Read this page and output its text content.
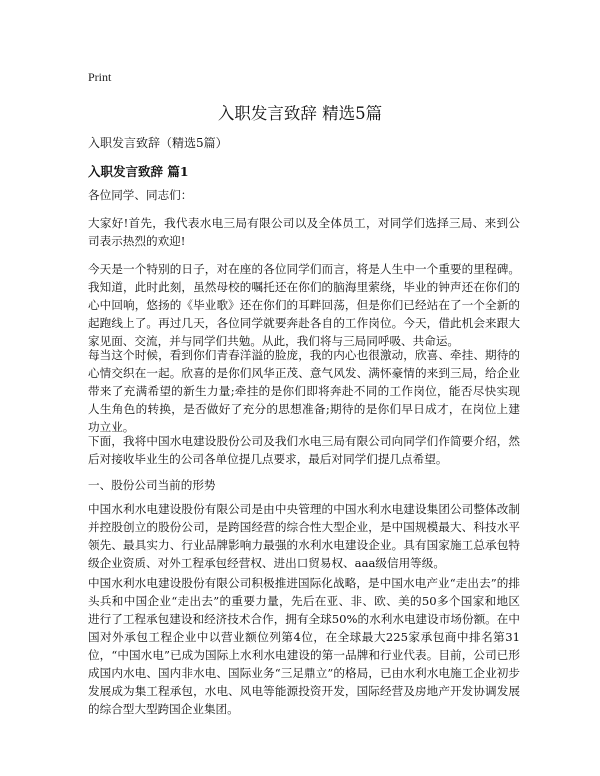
Print
入职发言致辞 精选5篇

入职发言致辞（精选5篇）

入职发言致辞 篇1

各位同学、同志们：

大家好!首先，我代表水电三局有限公司以及全体员工，对同学们选择三局、来到公司表示热烈的欢迎!

今天是一个特别的日子，对在座的各位同学们而言，将是人生中一个重要的里程碑。我知道，此时此刻，虽然母校的嘱托还在你们的脑海里萦绕，毕业的钟声还在你们的心中回响，悠扬的《毕业歌》还在你们的耳畔回荡，但是你们已经站在了一个全新的起跑线上了。再过几天，各位同学就要奔赴各自的工作岗位。今天，借此机会来跟大家见面、交流，并与同学们共勉。从此，我们将与三局同呼吸、共命运。

每当这个时候，看到你们青春洋溢的脸庞，我的内心也很激动，欣喜、牵挂、期待的心情交织在一起。欣喜的是你们风华正茂、意气风发、满怀豪情的来到三局，给企业带来了充满希望的新生力量;牵挂的是你们即将奔赴不同的工作岗位，能否尽快实现人生角色的转换，是否做好了充分的思想准备;期待的是你们早日成才，在岗位上建功立业。

下面，我将中国水电建设股份公司及我们水电三局有限公司向同学们作简要介绍，然后对接收毕业生的公司各单位提几点要求，最后对同学们提几点希望。

一、股份公司当前的形势

中国水利水电建设股份有限公司是由中央管理的中国水利水电建设集团公司整体改制并控股创立的股份公司，是跨国经营的综合性大型企业，是中国规模最大、科技水平领先、最具实力、行业品牌影响力最强的水利水电建设企业。具有国家施工总承包特级企业资质、对外工程承包经营权、进出口贸易权、aaa级信用等级。

中国水利水电建设股份有限公司积极推进国际化战略，是中国水电产业“走出去”的排头兵和中国企业“走出去”的重要力量，先后在亚、非、欧、美的50多个国家和地区进行了工程承包建设和经济技术合作，拥有全球50%的水利水电建设市场份额。在中国对外承包工程企业中以营业额位列第4位，在全球最大225家承包商中排名第31位，“中国水电”已成为国际上水利水电建设的第一品牌和行业代表。目前，公司已形成国内水电、国内非水电、国际业务“三足鼎立”的格局，已由水利水电施工企业初步发展成为集工程承包，水电、风电等能源投资开发，国际经营及房地产开发协调发展的综合型大型跨国企业集团。
